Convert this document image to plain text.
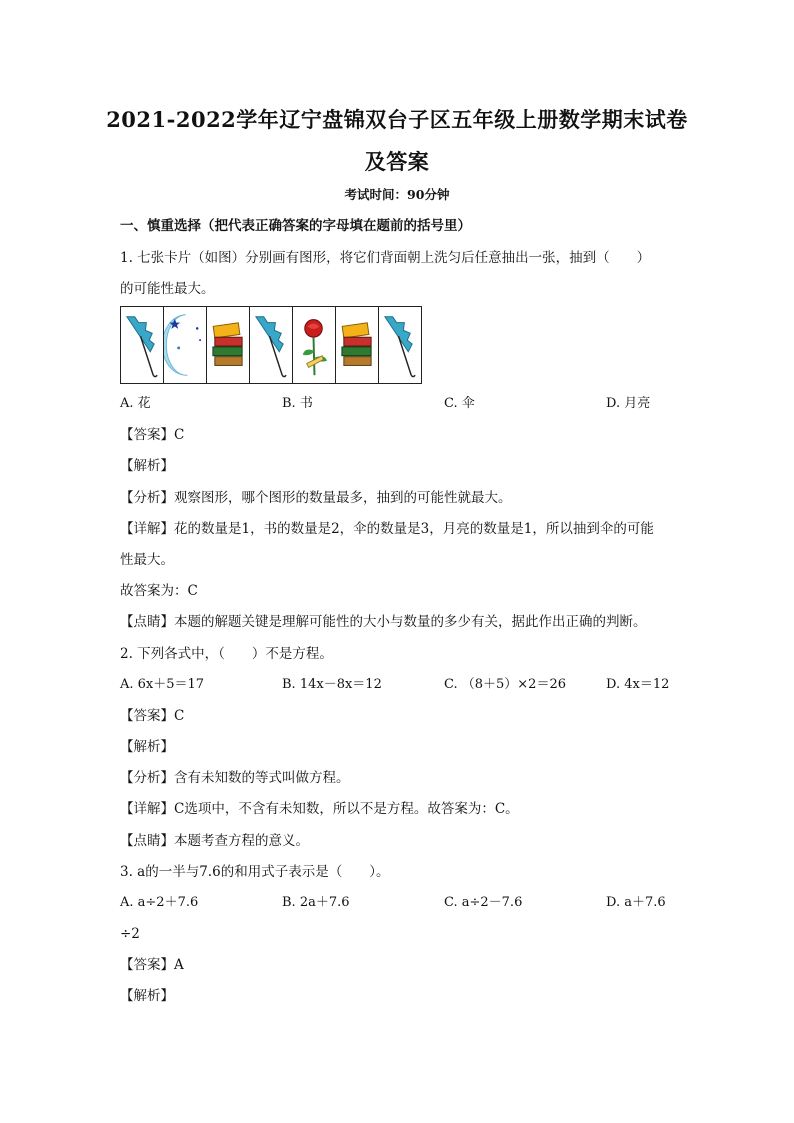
2021-2022学年辽宁盘锦双台子区五年级上册数学期末试卷
及答案
考试时间：90分钟
一、慎重选择（把代表正确答案的字母填在题前的括号里）
1. 七张卡片（如图）分别画有图形，将它们背面朝上洗匀后任意抽出一张，抽到（　　）
的可能性最大。
A. 花	B. 书	C. 伞	D. 月亮
【答案】C
【解析】
【分析】观察图形，哪个图形的数量最多，抽到的可能性就最大。
【详解】花的数量是1，书的数量是2，伞的数量是3，月亮的数量是1，所以抽到伞的可能
性最大。
故答案为：C
【点睛】本题的解题关键是理解可能性的大小与数量的多少有关，据此作出正确的判断。
2. 下列各式中，（　　）不是方程。
A. 6x＋5＝17	B. 14x－8x＝12	C. （8＋5）×2＝26	D. 4x＝12
【答案】C
【解析】
【分析】含有未知数的等式叫做方程。
【详解】C选项中，不含有未知数，所以不是方程。故答案为：C。
【点睛】本题考查方程的意义。
3. a的一半与7.6的和用式子表示是（　　）。
A. a÷2＋7.6	B. 2a＋7.6	C. a÷2－7.6	D. a＋7.6
÷2
【答案】A
【解析】
